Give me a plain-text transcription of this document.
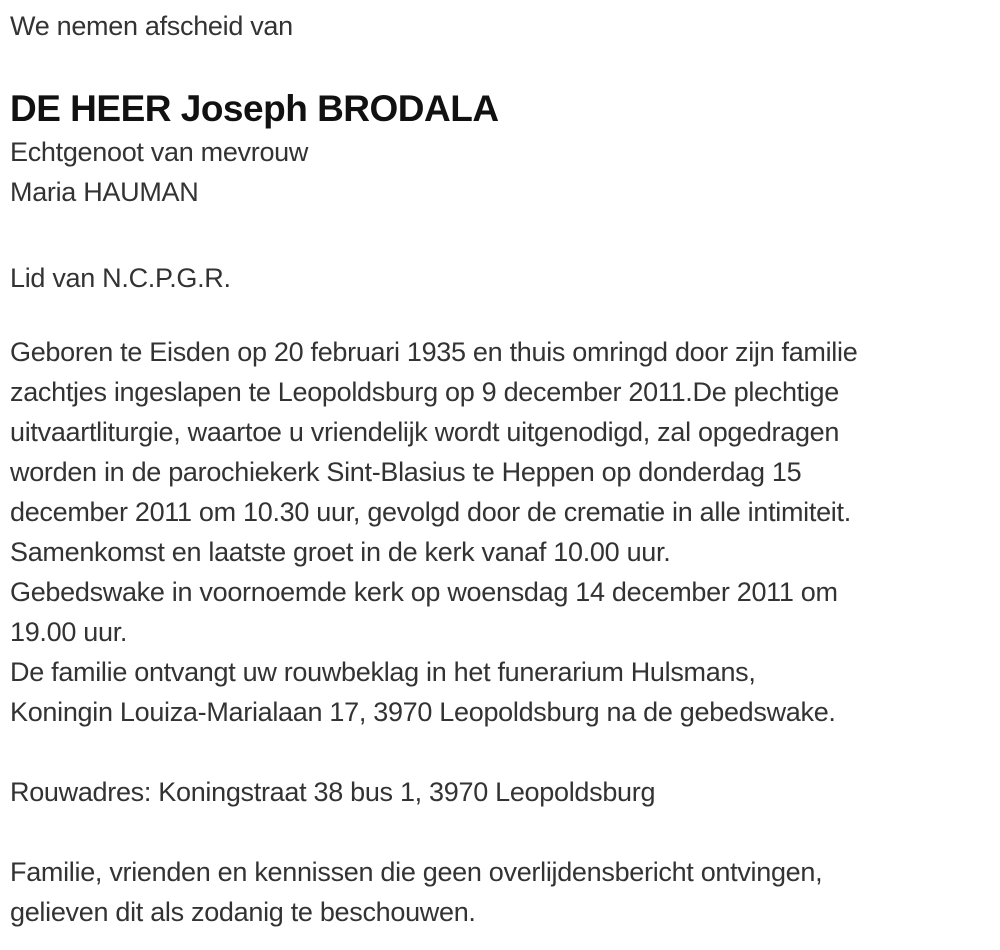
We nemen afscheid van
DE HEER Joseph BRODALA
Echtgenoot van mevrouw
Maria HAUMAN
Lid van N.C.P.G.R.
Geboren te Eisden op 20 februari 1935 en thuis omringd door zijn familie
zachtjes ingeslapen te Leopoldsburg op 9 december 2011.De plechtige
uitvaartliturgie, waartoe u vriendelijk wordt uitgenodigd, zal opgedragen
worden in de parochiekerk Sint-Blasius te Heppen op donderdag 15
december 2011 om 10.30 uur, gevolgd door de crematie in alle intimiteit.
Samenkomst en laatste groet in de kerk vanaf 10.00 uur.
Gebedswake in voornoemde kerk op woensdag 14 december 2011 om
19.00 uur.
De familie ontvangt uw rouwbeklag in het funerarium Hulsmans,
Koningin Louiza-Marialaan 17, 3970 Leopoldsburg na de gebedswake.
Rouwadres: Koningstraat 38 bus 1, 3970 Leopoldsburg
Familie, vrienden en kennissen die geen overlijdensbericht ontvingen,
gelieven dit als zodanig te beschouwen.
